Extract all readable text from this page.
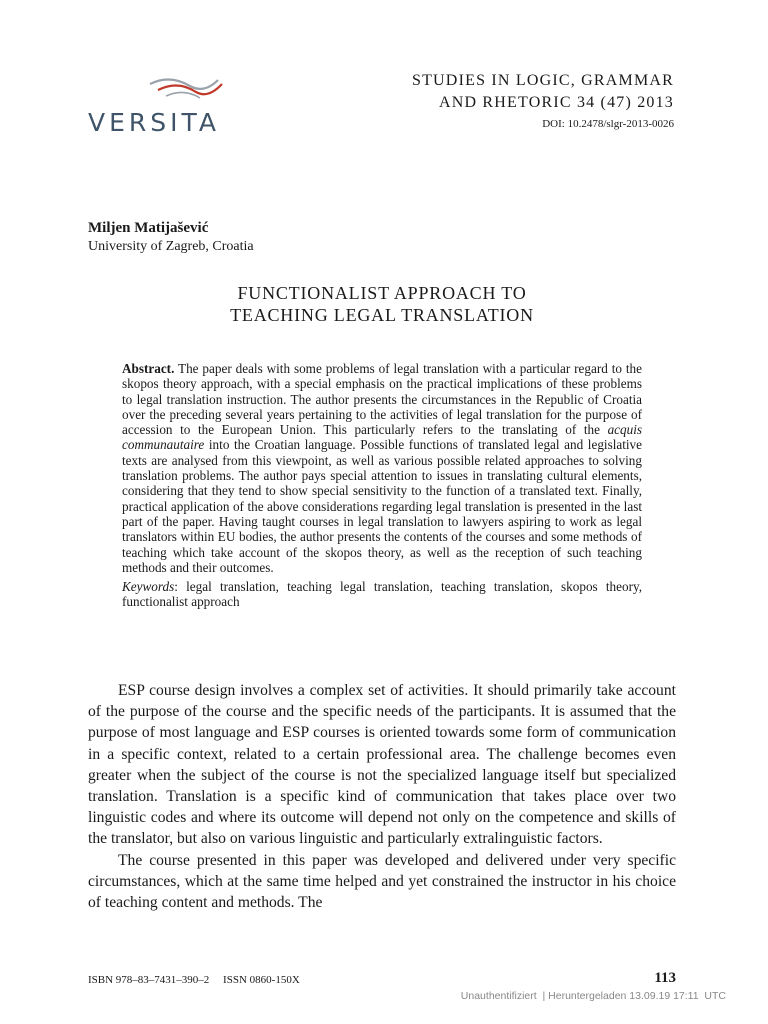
VERSITA
STUDIES IN LOGIC, GRAMMAR
AND RHETORIC 34 (47) 2013
DOI: 10.2478/slgr-2013-0026
Miljen Matijašević
University of Zagreb, Croatia
FUNCTIONALIST APPROACH TO
TEACHING LEGAL TRANSLATION

Abstract. The paper deals with some problems of legal translation with a particular regard to the skopos theory approach, with a special emphasis on the practical implications of these problems to legal translation instruction. The author presents the circumstances in the Republic of Croatia over the preceding several years pertaining to the activities of legal translation for the purpose of accession to the European Union. This particularly refers to the translating of the acquis communautaire into the Croatian language. Possible functions of translated legal and legislative texts are analysed from this viewpoint, as well as various possible related approaches to solving translation problems. The author pays special attention to issues in translating cultural elements, considering that they tend to show special sensitivity to the function of a translated text. Finally, practical application of the above considerations regarding legal translation is presented in the last part of the paper. Having taught courses in legal translation to lawyers aspiring to work as legal translators within EU bodies, the author presents the contents of the courses and some methods of teaching which take account of the skopos theory, as well as the reception of such teaching methods and their outcomes.

Keywords: legal translation, teaching legal translation, teaching translation, skopos theory, functionalist approach

ESP course design involves a complex set of activities. It should primarily take account of the purpose of the course and the specific needs of the participants. It is assumed that the purpose of most language and ESP courses is oriented towards some form of communication in a specific context, related to a certain professional area. The challenge becomes even greater when the subject of the course is not the specialized language itself but specialized translation. Translation is a specific kind of communication that takes place over two linguistic codes and where its outcome will depend not only on the competence and skills of the translator, but also on various linguistic and particularly extralinguistic factors.

The course presented in this paper was developed and delivered under very specific circumstances, which at the same time helped and yet constrained the instructor in his choice of teaching content and methods. The

ISBN 978–83–7431–390–2     ISSN 0860-150X	113
Unauthentifiziert  | Heruntergeladen 13.09.19 17:11  UTC
